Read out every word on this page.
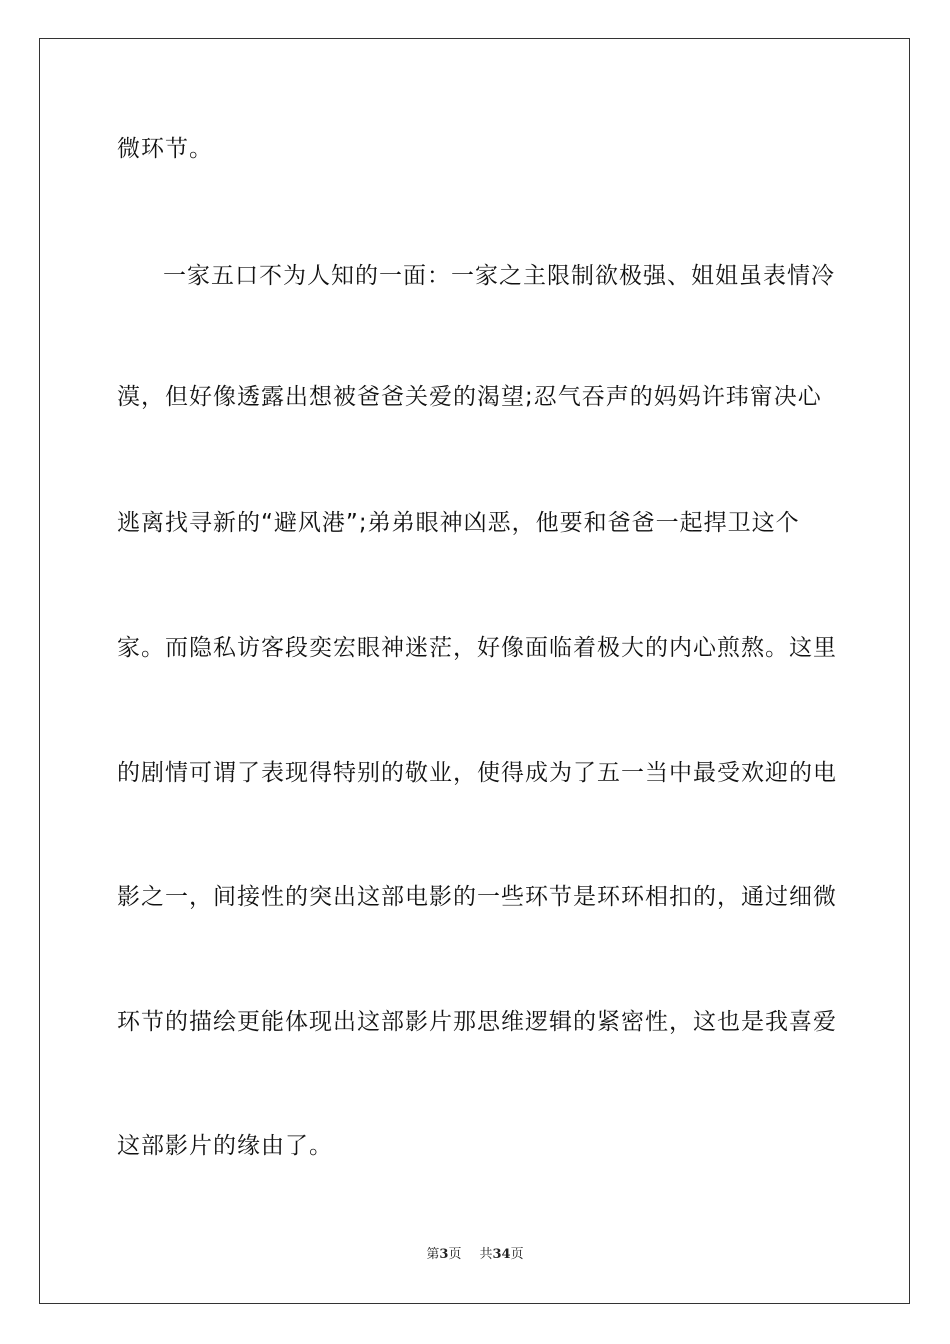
微环节。
一家五口不为人知的一面：一家之主限制欲极强、姐姐虽表情冷
漠，但好像透露出想被爸爸关爱的渴望;忍气吞声的妈妈许玮甯决心
逃离找寻新的“避风港”;弟弟眼神凶恶，他要和爸爸一起捍卫这个
家。而隐私访客段奕宏眼神迷茫，好像面临着极大的内心煎熬。这里
的剧情可谓了表现得特别的敬业，使得成为了五一当中最受欢迎的电
影之一，间接性的突出这部电影的一些环节是环环相扣的，通过细微
环节的描绘更能体现出这部影片那思维逻辑的紧密性，这也是我喜爱
这部影片的缘由了。
第3页 共34页
